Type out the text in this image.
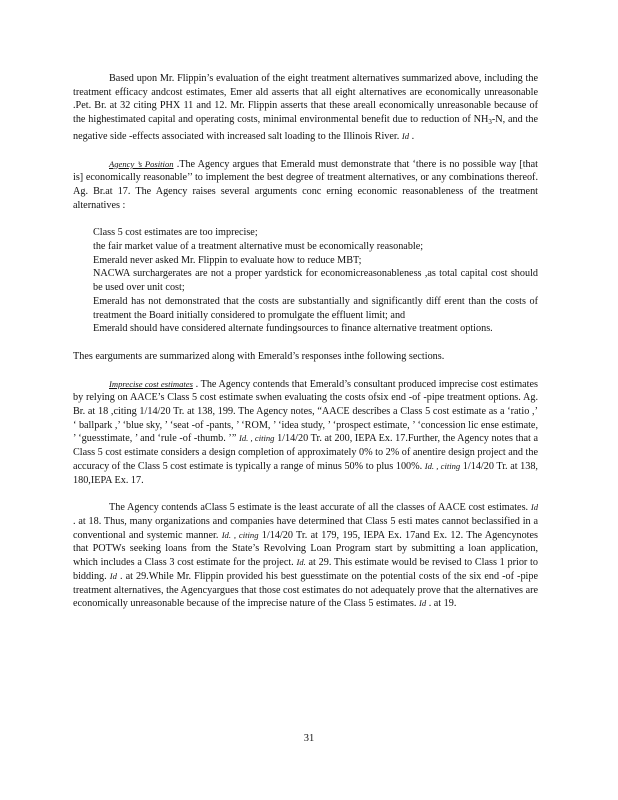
Based upon Mr. Flippin’s evaluation of the eight treatment alternatives summarized above, including the treatment efficacy andcost estimates, Emer ald asserts that all eight alternatives are economically unreasonable .Pet. Br. at 32 citing PHX 11 and 12. Mr. Flippin asserts that these areall economically unreasonable because of the highestimated capital and operating costs, minimal environmental benefit due to reduction of $NH_3-N$, and the negative side -effects associated with increased salt loading to the Illinois River. Id .

Agency ’s Position .The Agency argues that Emerald must demonstrate that ‘there is no possible way [that is] economically reasonable’’ to implement the best degree of treatment alternatives, or any combinations thereof. Ag. Br.at 17. The Agency raises several arguments conc erning economic reasonableness of the treatment alternatives :

Class 5 cost estimates are too imprecise;
the fair market value of a treatment alternative must be economically reasonable;
Emerald never asked Mr. Flippin to evaluate how to reduce MBT;
NACWA surchargerates are not a proper yardstick for economicreasonableness ,as total capital cost should be used over unit cost;
Emerald has not demonstrated that the costs are substantially and significantly diff erent than the costs of treatment the Board initially considered to promulgate the effluent limit; and
Emerald should have considered alternate fundingsources to finance alternative treatment options.

Thes earguments are summarized along with Emerald’s responses inthe following sections.

Imprecise cost estimates . The Agency contends that Emerald’s consultant produced imprecise cost estimates by relying on AACE’s Class 5 cost estimate swhen evaluating the costs ofsix end -of -pipe treatment options. Ag. Br. at 18 ,citing 1/14/20 Tr. at 138, 199. The Agency notes, “AACE describes a Class 5 cost estimate as a ‘ratio ,’ ‘ ballpark ,’ ‘blue sky, ’ ‘seat -of -pants, ’ ‘ROM, ’ ‘idea study, ’ ‘prospect estimate, ’ ‘concession lic ense estimate, ’ ‘guesstimate, ’ and ‘rule -of -thumb. ’” Id. , citing 1/14/20 Tr. at 200, IEPA Ex. 17.Further, the Agency notes that a Class 5 cost estimate considers a design completion of approximately 0% to 2% of anentire design project and the accuracy of the Class 5 cost estimate is typically a range of minus 50% to plus 100%. Id. , citing 1/14/20 Tr. at 138, 180,IEPA Ex. 17.

The Agency contends aClass 5 estimate is the least accurate of all the classes of AACE cost estimates. Id . at 18. Thus, many organizations and companies have determined that Class 5 esti mates cannot beclassified in a conventional and systemic manner. Id. , citing 1/14/20 Tr. at 179, 195, IEPA Ex. 17and Ex. 12. The Agencynotes that POTWs seeking loans from the State’s Revolving Loan Program start by submitting a loan application, which includes a Class 3 cost estimate for the project. Id. at 29. This estimate would be revised to Class 1 prior to bidding. Id . at 29.While Mr. Flippin provided his best guesstimate on the potential costs of the six end -of -pipe treatment alternatives, the Agencyargues that those cost estimates do not adequately prove that the alternatives are economically unreasonable because of the imprecise nature of the Class 5 estimates. Id . at 19.

31
